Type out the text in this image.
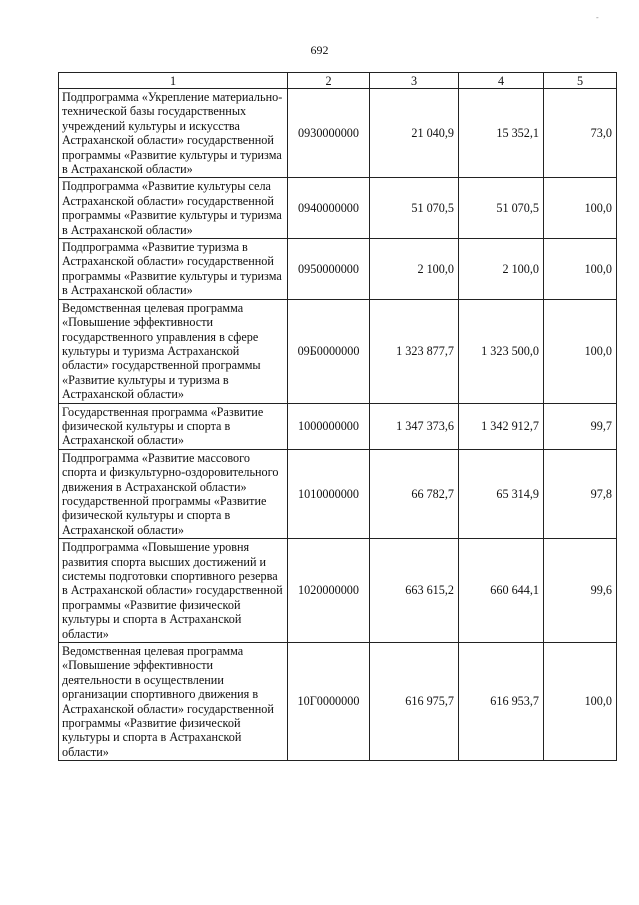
-
692
1	2	3	4	5
Подпрограмма «Укрепление материально-технической базы государственных учреждений культуры и искусства Астраханской области» государственной программы «Развитие культуры и туризма в Астраханской области»	0930000000	21 040,9	15 352,1	73,0
Подпрограмма «Развитие культуры села Астраханской области» государственной программы «Развитие культуры и туризма в Астраханской области»	0940000000	51 070,5	51 070,5	100,0
Подпрограмма «Развитие туризма в Астраханской области» государственной программы «Развитие культуры и туризма в Астраханской области»	0950000000	2 100,0	2 100,0	100,0
Ведомственная целевая программа «Повышение эффективности государственного управления в сфере культуры и туризма Астраханской области» государственной программы «Развитие культуры и туризма в Астраханской области»	09Б0000000	1 323 877,7	1 323 500,0	100,0
Государственная программа «Развитие физической культуры и спорта в Астраханской области»	1000000000	1 347 373,6	1 342 912,7	99,7
Подпрограмма «Развитие массового спорта и физкультурно-оздоровительного движения в Астраханской области» государственной программы «Развитие физической культуры и спорта в Астраханской области»	1010000000	66 782,7	65 314,9	97,8
Подпрограмма «Повышение уровня развития спорта высших достижений и системы подготовки спортивного резерва в Астраханской области» государственной программы «Развитие физической культуры и спорта в Астраханской области»	1020000000	663 615,2	660 644,1	99,6
Ведомственная целевая программа «Повышение эффективности деятельности в осуществлении организации спортивного движения в Астраханской области» государственной программы «Развитие физической культуры и спорта в Астраханской области»	10Г0000000	616 975,7	616 953,7	100,0
